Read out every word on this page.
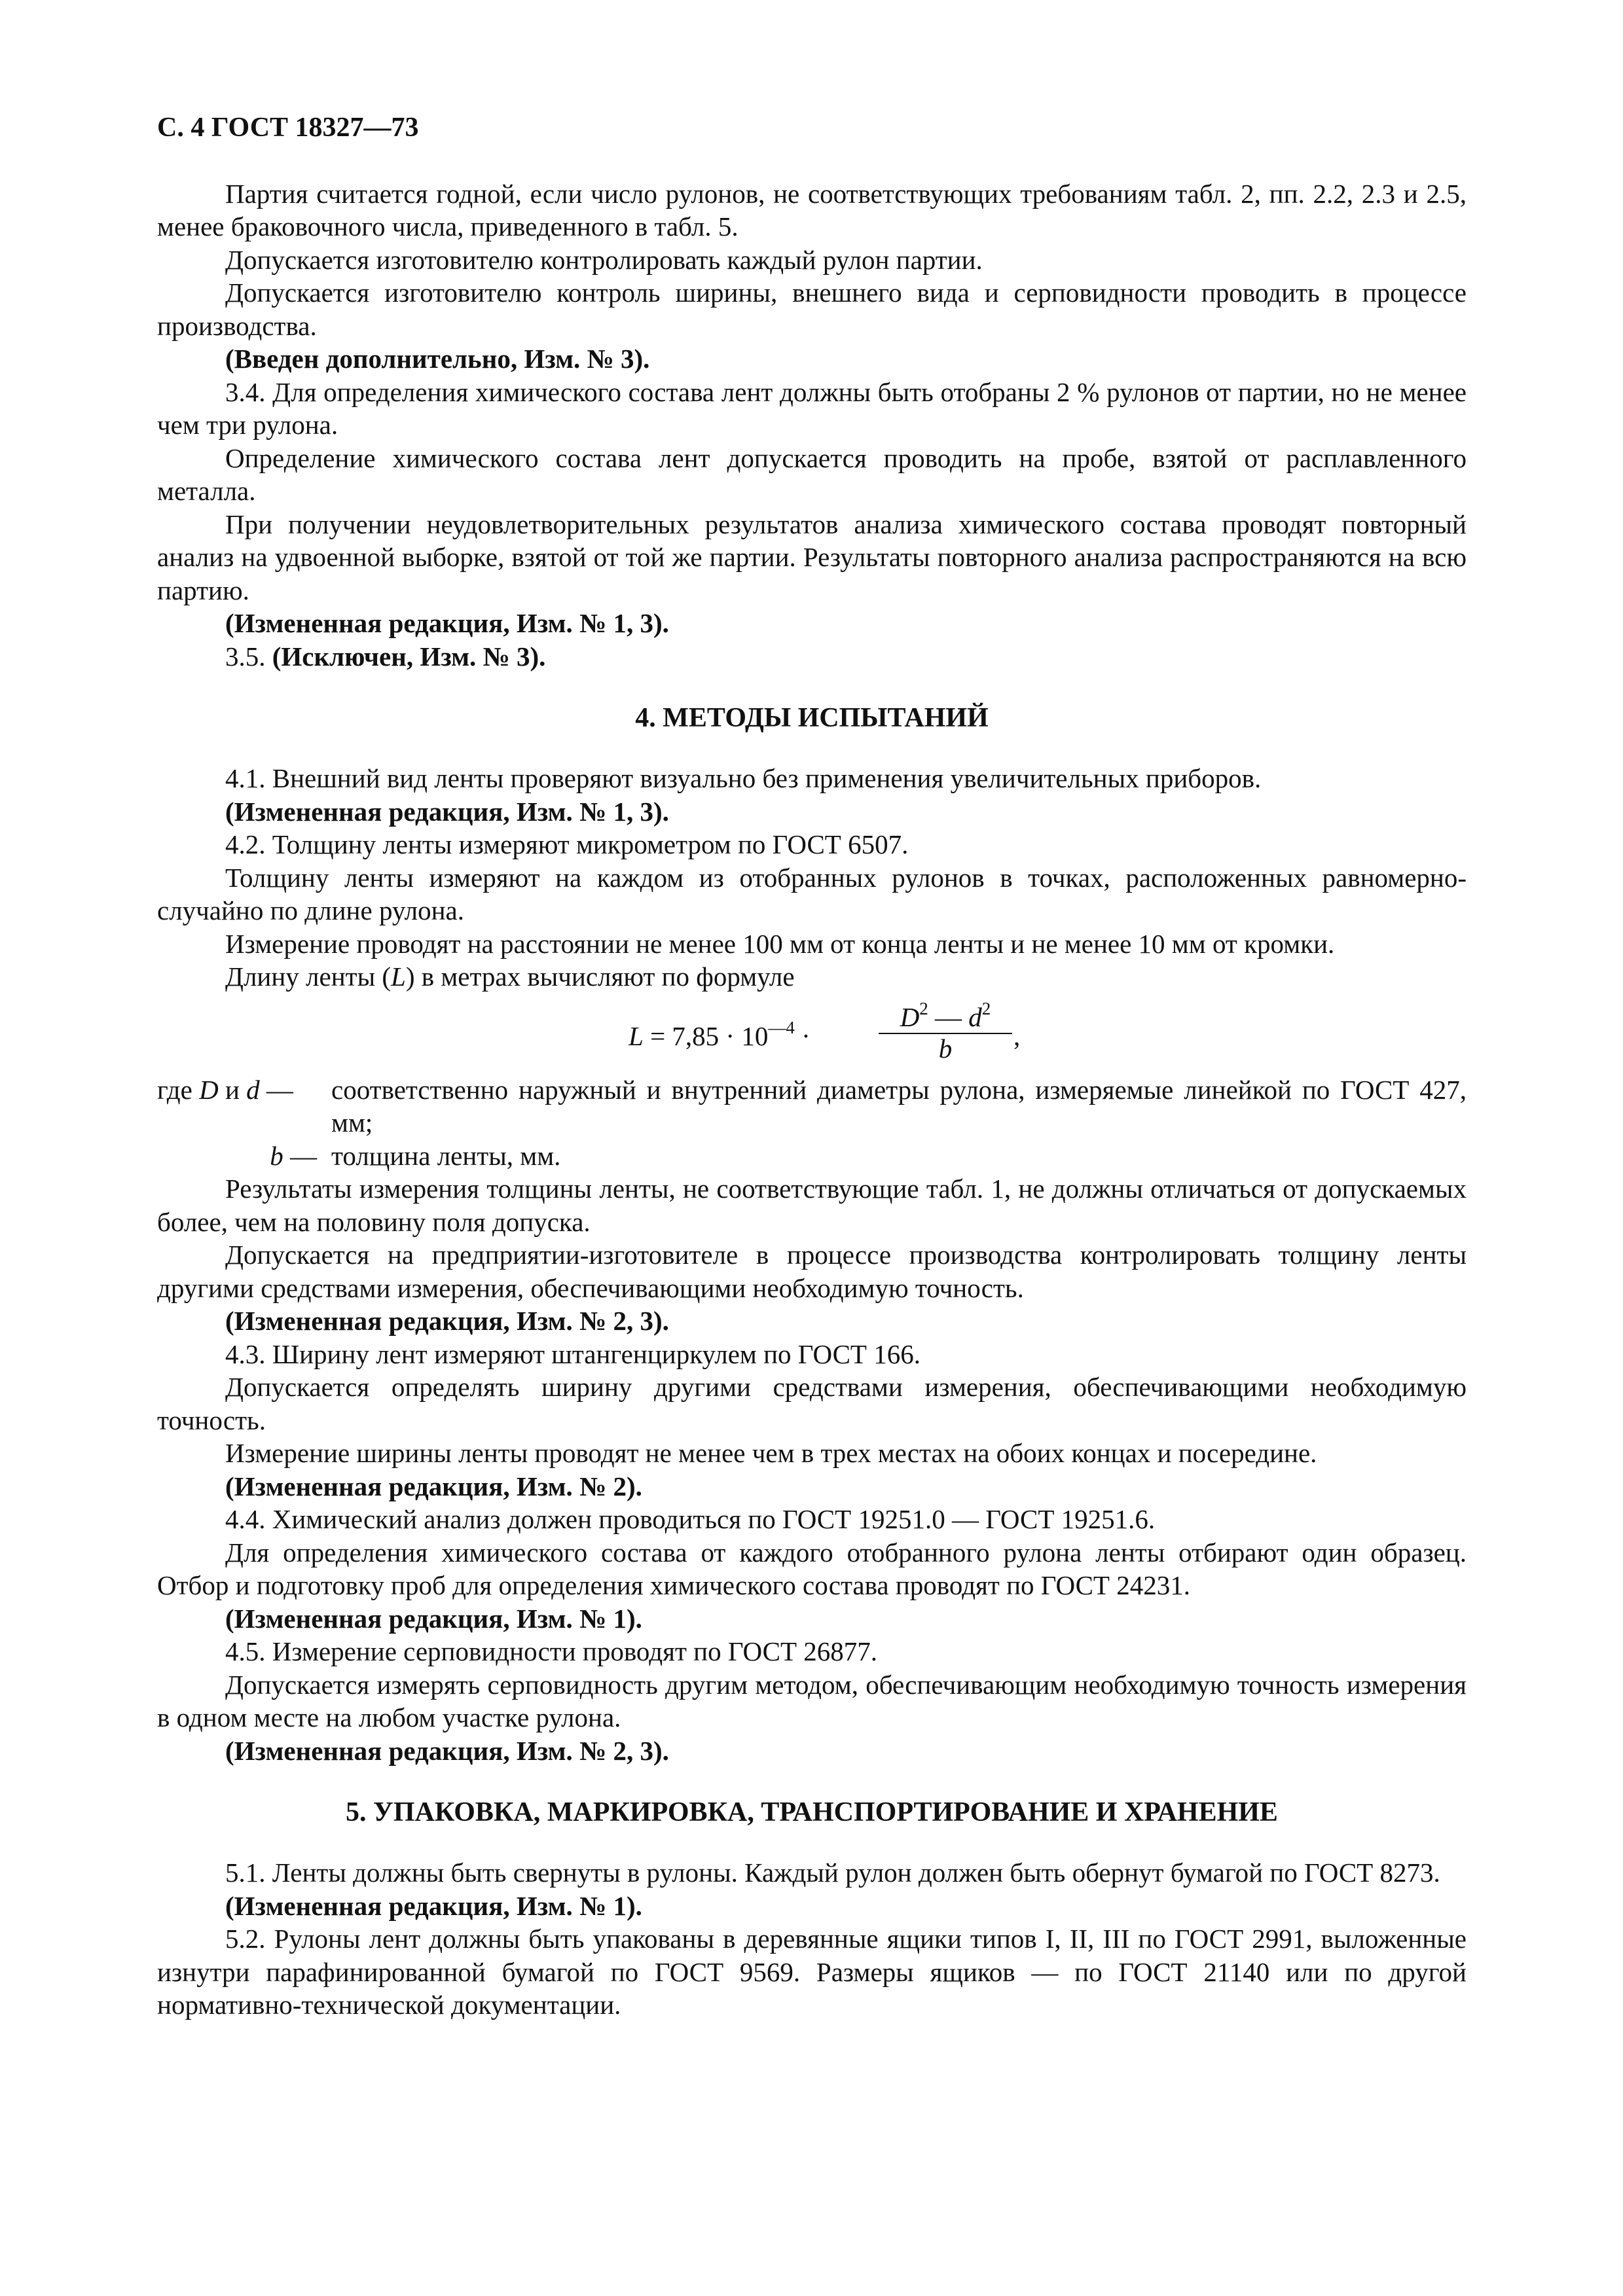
С. 4 ГОСТ 18327—73

Партия считается годной, если число рулонов, не соответствующих требованиям табл. 2, пп. 2.2, 2.3 и 2.5, менее браковочного числа, приведенного в табл. 5.

Допускается изготовителю контролировать каждый рулон партии.

Допускается изготовителю контроль ширины, внешнего вида и серповидности проводить в процессе производства.

(Введен дополнительно, Изм. № 3).

3.4. Для определения химического состава лент должны быть отобраны 2 % рулонов от партии, но не менее чем три рулона.

Определение химического состава лент допускается проводить на пробе, взятой от расплавленного металла.

При получении неудовлетворительных результатов анализа химического состава проводят повторный анализ на удвоенной выборке, взятой от той же партии. Результаты повторного анализа распространяются на всю партию.

(Измененная редакция, Изм. № 1, 3).

3.5. (Исключен, Изм. № 3).

4. МЕТОДЫ ИСПЫТАНИЙ

4.1. Внешний вид ленты проверяют визуально без применения увеличительных приборов.

(Измененная редакция, Изм. № 1, 3).

4.2. Толщину ленты измеряют микрометром по ГОСТ 6507.

Толщину ленты измеряют на каждом из отобранных рулонов в точках, расположенных равномерно-случайно по длине рулона.

Измерение проводят на расстоянии не менее 100 мм от конца ленты и не менее 10 мм от кромки.

Длину ленты (L) в метрах вычисляют по формуле

$L = 7,85 \cdot 10^{—4}$ ·	$\frac{D^2 — d^2}{b}$ ,
где D и d —	соответственно наружный и внутренний диаметры рулона, измеряемые линейкой по ГОСТ 427, мм;
b — толщина ленты, мм.

Результаты измерения толщины ленты, не соответствующие табл. 1, не должны отличаться от допускаемых более, чем на половину поля допуска.

Допускается на предприятии-изготовителе в процессе производства контролировать толщину ленты другими средствами измерения, обеспечивающими необходимую точность.

(Измененная редакция, Изм. № 2, 3).

4.3. Ширину лент измеряют штангенциркулем по ГОСТ 166.

Допускается определять ширину другими средствами измерения, обеспечивающими необходимую точность.

Измерение ширины ленты проводят не менее чем в трех местах на обоих концах и посередине.

(Измененная редакция, Изм. № 2).

4.4. Химический анализ должен проводиться по ГОСТ 19251.0 — ГОСТ 19251.6.

Для определения химического состава от каждого отобранного рулона ленты отбирают один образец. Отбор и подготовку проб для определения химического состава проводят по ГОСТ 24231.

(Измененная редакция, Изм. № 1).

4.5. Измерение серповидности проводят по ГОСТ 26877.

Допускается измерять серповидность другим методом, обеспечивающим необходимую точность измерения в одном месте на любом участке рулона.

(Измененная редакция, Изм. № 2, 3).

5. УПАКОВКА, МАРКИРОВКА, ТРАНСПОРТИРОВАНИЕ И ХРАНЕНИЕ

5.1. Ленты должны быть свернуты в рулоны. Каждый рулон должен быть обернут бумагой по ГОСТ 8273.

(Измененная редакция, Изм. № 1).

5.2. Рулоны лент должны быть упакованы в деревянные ящики типов I, II, III по ГОСТ 2991, выложенные изнутри парафинированной бумагой по ГОСТ 9569. Размеры ящиков — по ГОСТ 21140 или по другой нормативно-технической документации.
